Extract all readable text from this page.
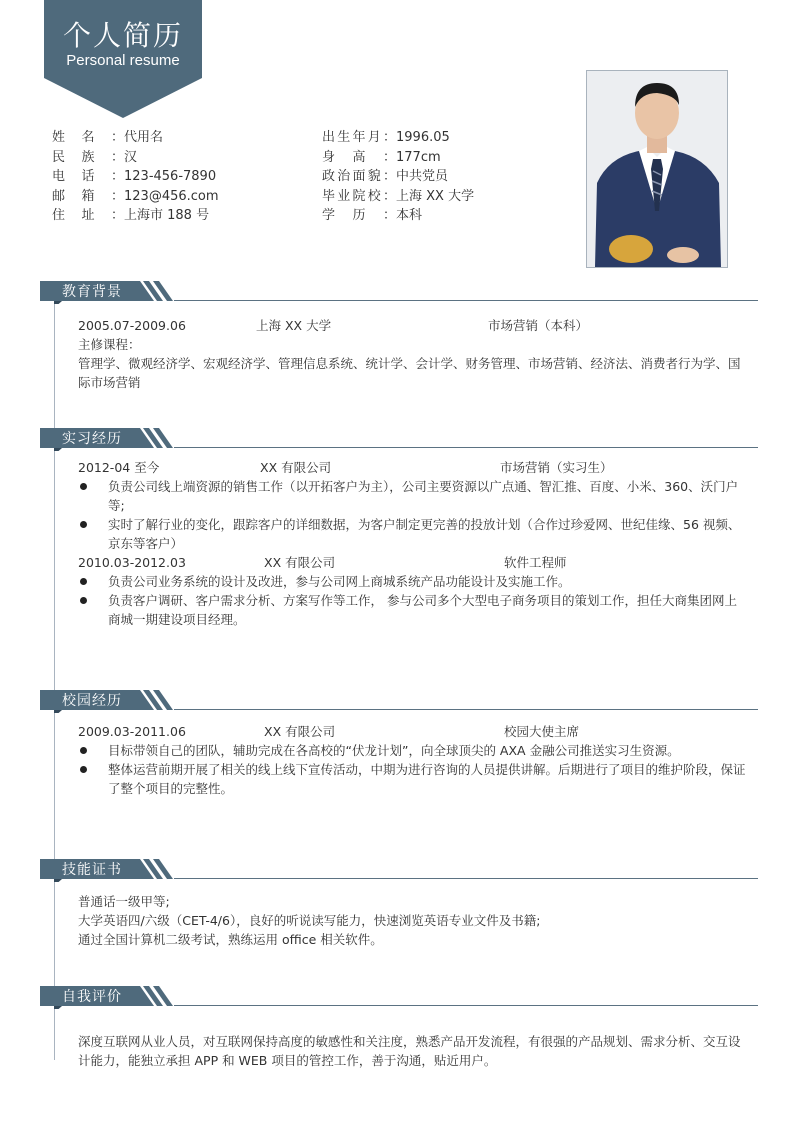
个人简历
Personal resume
姓名：代用名
民族：汉
电话：123-456-7890
邮箱：123@456.com
住址：上海市 188 号
出生年月：1996.05
身高：177cm
政治面貌：中共党员
毕业院校：上海 XX 大学
学历：本科
教育背景
2005.07-2009.06	上海 XX 大学	市场营销（本科）
主修课程：
管理学、微观经济学、宏观经济学、管理信息系统、统计学、会计学、财务管理、市场营销、经济法、消费者行为学、国际市场营销
实习经历
2012-04 至今	XX 有限公司	市场营销（实习生）
负责公司线上端资源的销售工作（以开拓客户为主），公司主要资源以广点通、智汇推、百度、小米、360、沃门户等;
实时了解行业的变化，跟踪客户的详细数据，为客户制定更完善的投放计划（合作过珍爱网、世纪佳缘、56 视频、京东等客户）
2010.03-2012.03	XX 有限公司	软件工程师
负责公司业务系统的设计及改进，参与公司网上商城系统产品功能设计及实施工作。
负责客户调研、客户需求分析、方案写作等工作， 参与公司多个大型电子商务项目的策划工作，担任大商集团网上商城一期建设项目经理。
校园经历
2009.03-2011.06	XX 有限公司	校园大使主席
目标带领自己的团队，辅助完成在各高校的“伏龙计划”，向全球顶尖的 AXA 金融公司推送实习生资源。
整体运营前期开展了相关的线上线下宣传活动，中期为进行咨询的人员提供讲解。后期进行了项目的维护阶段，保证了整个项目的完整性。
技能证书
普通话一级甲等;
大学英语四/六级（CET-4/6），良好的听说读写能力，快速浏览英语专业文件及书籍;
通过全国计算机二级考试，熟练运用 office 相关软件。
自我评价
深度互联网从业人员，对互联网保持高度的敏感性和关注度，熟悉产品开发流程，有很强的产品规划、需求分析、交互设计能力，能独立承担 APP 和 WEB 项目的管控工作，善于沟通，贴近用户。
